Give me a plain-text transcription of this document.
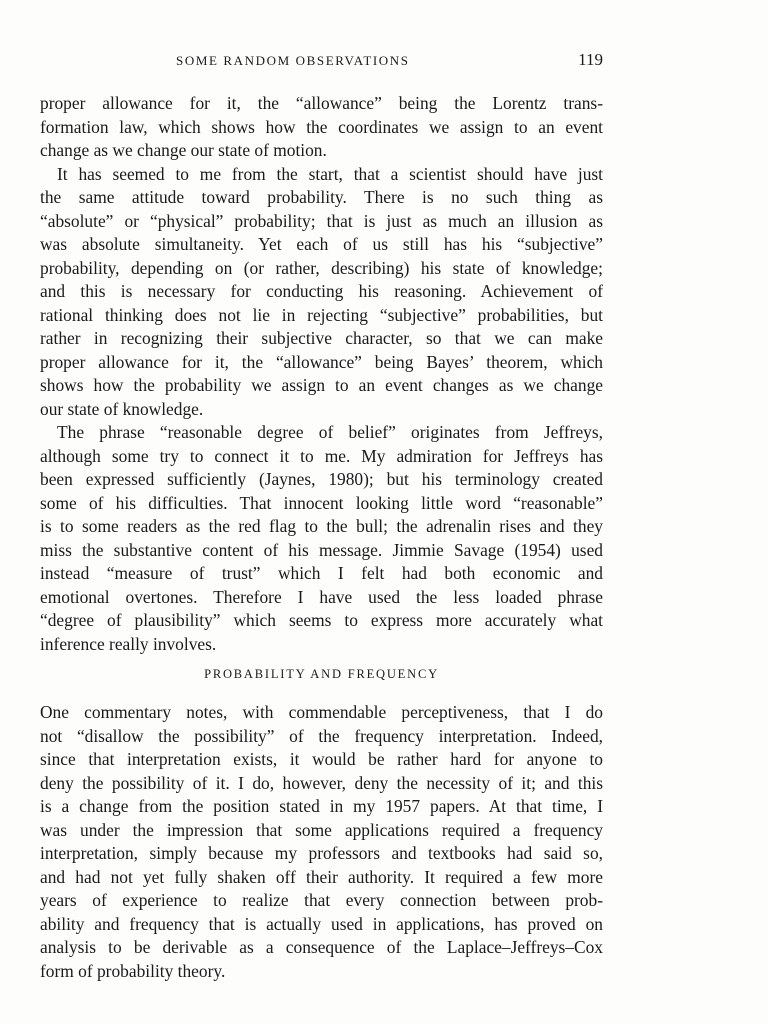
SOME RANDOM OBSERVATIONS	119
proper allowance for it, the “allowance” being the Lorentz trans-
formation law, which shows how the coordinates we assign to an event
change as we change our state of motion.
It has seemed to me from the start, that a scientist should have just
the same attitude toward probability. There is no such thing as
“absolute” or “physical” probability; that is just as much an illusion as
was absolute simultaneity. Yet each of us still has his “subjective”
probability, depending on (or rather, describing) his state of knowledge;
and this is necessary for conducting his reasoning. Achievement of
rational thinking does not lie in rejecting “subjective” probabilities, but
rather in recognizing their subjective character, so that we can make
proper allowance for it, the “allowance” being Bayes’ theorem, which
shows how the probability we assign to an event changes as we change
our state of knowledge.
The phrase “reasonable degree of belief” originates from Jeffreys,
although some try to connect it to me. My admiration for Jeffreys has
been expressed sufficiently (Jaynes, 1980); but his terminology created
some of his difficulties. That innocent looking little word “reasonable”
is to some readers as the red flag to the bull; the adrenalin rises and they
miss the substantive content of his message. Jimmie Savage (1954) used
instead “measure of trust” which I felt had both economic and
emotional overtones. Therefore I have used the less loaded phrase
“degree of plausibility” which seems to express more accurately what
inference really involves.
PROBABILITY AND FREQUENCY
One commentary notes, with commendable perceptiveness, that I do
not “disallow the possibility” of the frequency interpretation. Indeed,
since that interpretation exists, it would be rather hard for anyone to
deny the possibility of it. I do, however, deny the necessity of it; and this
is a change from the position stated in my 1957 papers. At that time, I
was under the impression that some applications required a frequency
interpretation, simply because my professors and textbooks had said so,
and had not yet fully shaken off their authority. It required a few more
years of experience to realize that every connection between prob-
ability and frequency that is actually used in applications, has proved on
analysis to be derivable as a consequence of the Laplace–Jeffreys–Cox
form of probability theory.
